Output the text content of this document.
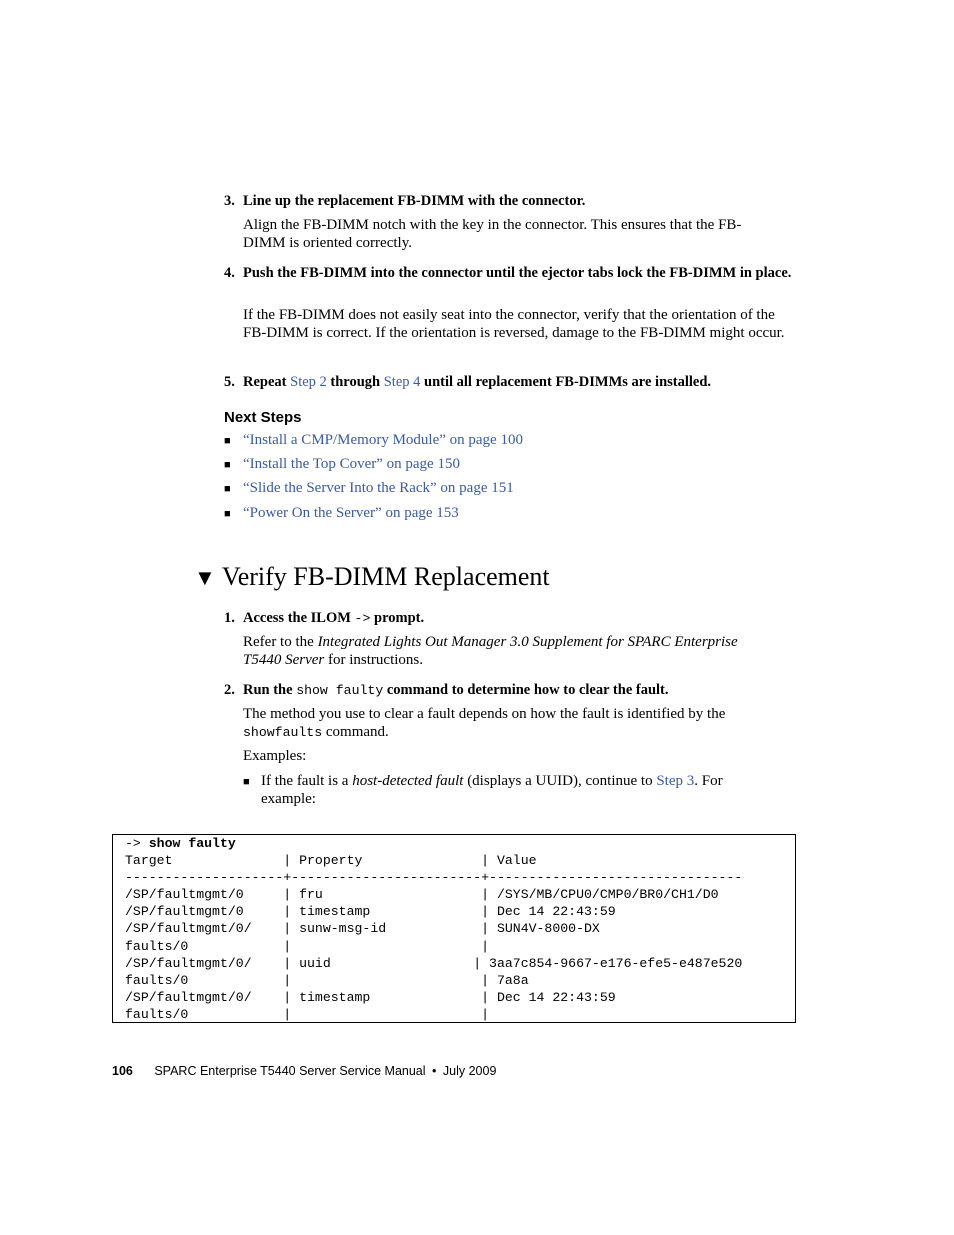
3. Line up the replacement FB-DIMM with the connector.
Align the FB-DIMM notch with the key in the connector. This ensures that the FB-DIMM is oriented correctly.
4. Push the FB-DIMM into the connector until the ejector tabs lock the FB-DIMM in place.
If the FB-DIMM does not easily seat into the connector, verify that the orientation of the FB-DIMM is correct. If the orientation is reversed, damage to the FB-DIMM might occur.
5. Repeat Step 2 through Step 4 until all replacement FB-DIMMs are installed.
Next Steps
■ “Install a CMP/Memory Module” on page 100
■ “Install the Top Cover” on page 150
■ “Slide the Server Into the Rack” on page 151
■ “Power On the Server” on page 153
▼ Verify FB-DIMM Replacement
1. Access the ILOM -> prompt.
Refer to the Integrated Lights Out Manager 3.0 Supplement for SPARC Enterprise T5440 Server for instructions.
2. Run the show faulty command to determine how to clear the fault.
The method you use to clear a fault depends on how the fault is identified by the showfaults command.
Examples:
■ If the fault is a host-detected fault (displays a UUID), continue to Step 3. For example:
-> show faulty
Target              | Property               | Value
--------------------+------------------------+--------------------------------
/SP/faultmgmt/0     | fru                    | /SYS/MB/CPU0/CMP0/BR0/CH1/D0
/SP/faultmgmt/0     | timestamp              | Dec 14 22:43:59
/SP/faultmgmt/0/    | sunw-msg-id            | SUN4V-8000-DX
faults/0            |                        |
/SP/faultmgmt/0/    | uuid                  | 3aa7c854-9667-e176-efe5-e487e520
faults/0            |                        | 7a8a
/SP/faultmgmt/0/    | timestamp              | Dec 14 22:43:59
faults/0            |                        |
106 SPARC Enterprise T5440 Server Service Manual • July 2009
